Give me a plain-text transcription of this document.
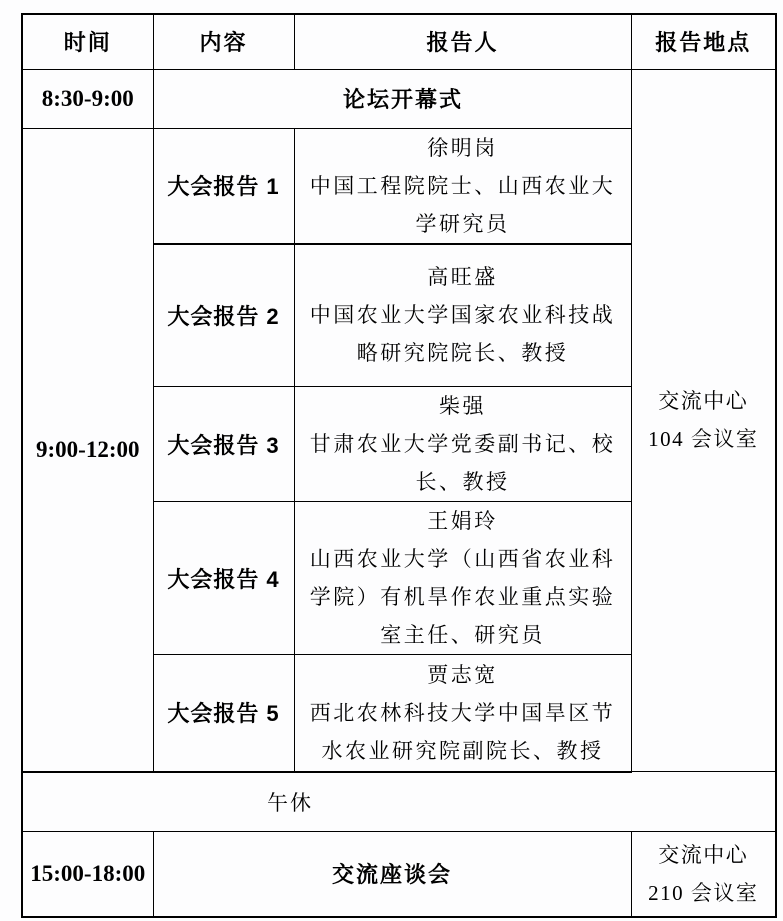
时间	内容	报告人	报告地点
8:30-9:00	论坛开幕式		交流中心
104 会议室

9:00-12:00	大会报告 1	徐明岗
中国工程院院士、山西农业大学研究员	

	大会报告 2	高旺盛
中国农业大学国家农业科技战略研究院院长、教授	

	大会报告 3	柴强
甘肃农业大学党委副书记、校长、教授	

	大会报告 4	王娟玲
山西农业大学（山西省农业科学院）有机旱作农业重点实验室主任、研究员	

	大会报告 5	贾志宽
西北农林科技大学中国旱区节水农业研究院副院长、教授	

午休			
15:00-18:00	交流座谈会		交流中心
210 会议室
